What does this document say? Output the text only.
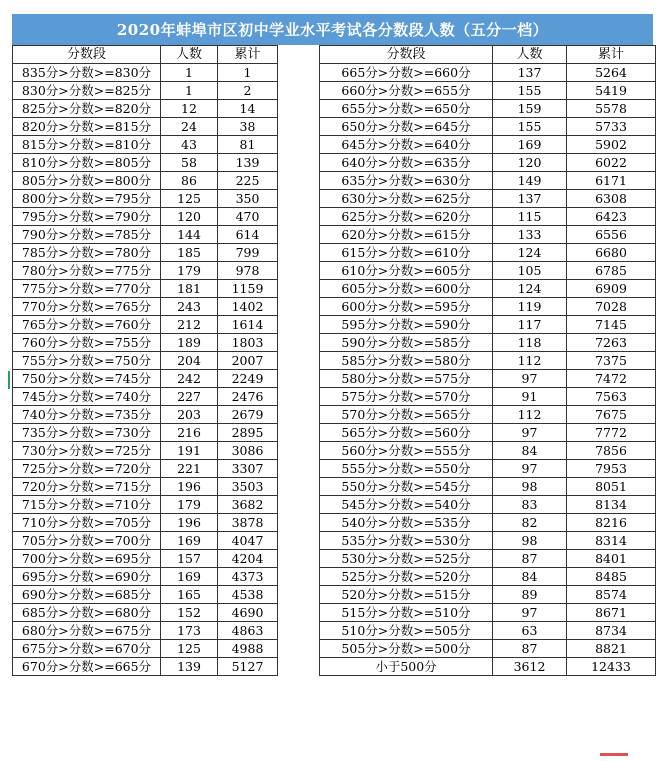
2020年蚌埠市区初中学业水平考试各分数段人数（五分一档）
分数段	人数	累计		分数段	人数	累计
835分>分数>=830分	1	1		665分>分数>=660分	137	5264
830分>分数>=825分	1	2		660分>分数>=655分	155	5419
825分>分数>=820分	12	14		655分>分数>=650分	159	5578
820分>分数>=815分	24	38		650分>分数>=645分	155	5733
815分>分数>=810分	43	81		645分>分数>=640分	169	5902
810分>分数>=805分	58	139		640分>分数>=635分	120	6022
805分>分数>=800分	86	225		635分>分数>=630分	149	6171
800分>分数>=795分	125	350		630分>分数>=625分	137	6308
795分>分数>=790分	120	470		625分>分数>=620分	115	6423
790分>分数>=785分	144	614		620分>分数>=615分	133	6556
785分>分数>=780分	185	799		615分>分数>=610分	124	6680
780分>分数>=775分	179	978		610分>分数>=605分	105	6785
775分>分数>=770分	181	1159		605分>分数>=600分	124	6909
770分>分数>=765分	243	1402		600分>分数>=595分	119	7028
765分>分数>=760分	212	1614		595分>分数>=590分	117	7145
760分>分数>=755分	189	1803		590分>分数>=585分	118	7263
755分>分数>=750分	204	2007		585分>分数>=580分	112	7375
750分>分数>=745分	242	2249		580分>分数>=575分	97	7472
745分>分数>=740分	227	2476		575分>分数>=570分	91	7563
740分>分数>=735分	203	2679		570分>分数>=565分	112	7675
735分>分数>=730分	216	2895		565分>分数>=560分	97	7772
730分>分数>=725分	191	3086		560分>分数>=555分	84	7856
725分>分数>=720分	221	3307		555分>分数>=550分	97	7953
720分>分数>=715分	196	3503		550分>分数>=545分	98	8051
715分>分数>=710分	179	3682		545分>分数>=540分	83	8134
710分>分数>=705分	196	3878		540分>分数>=535分	82	8216
705分>分数>=700分	169	4047		535分>分数>=530分	98	8314
700分>分数>=695分	157	4204		530分>分数>=525分	87	8401
695分>分数>=690分	169	4373		525分>分数>=520分	84	8485
690分>分数>=685分	165	4538		520分>分数>=515分	89	8574
685分>分数>=680分	152	4690		515分>分数>=510分	97	8671
680分>分数>=675分	173	4863		510分>分数>=505分	63	8734
675分>分数>=670分	125	4988		505分>分数>=500分	87	8821
670分>分数>=665分	139	5127		小于500分	3612	12433
